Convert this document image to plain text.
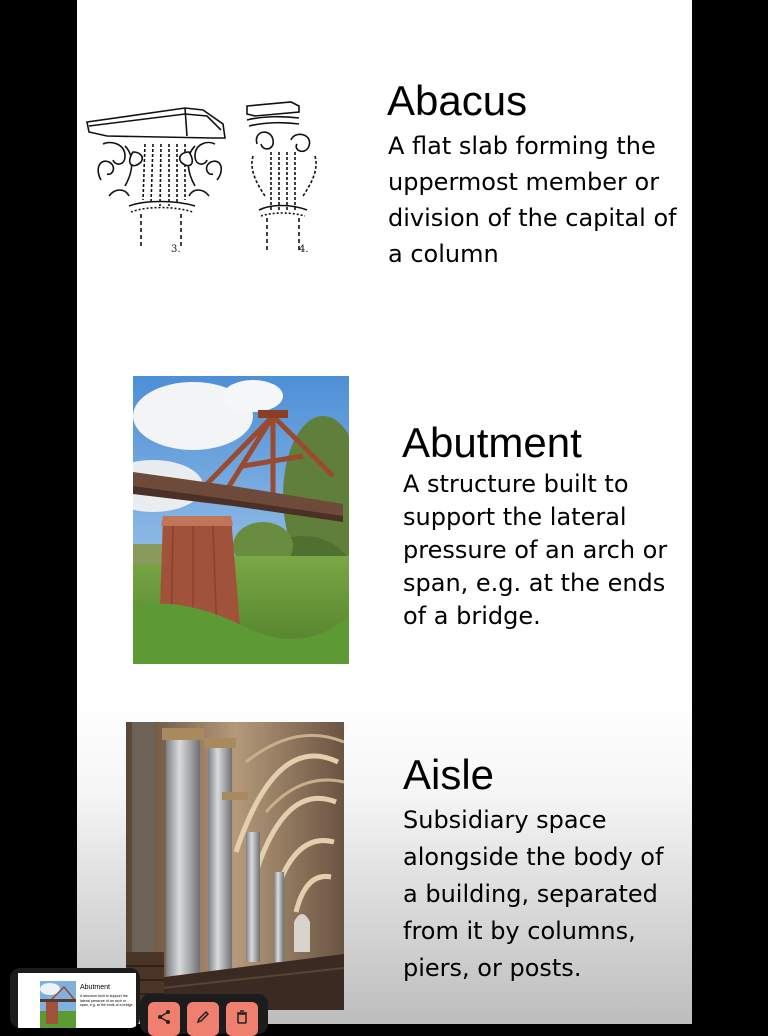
3.	4.
Abacus

A flat slab forming the uppermost member or division of the capital of a column

Abutment

A structure built to support the lateral pressure of an arch or span, e.g. at the ends of a bridge.

Aisle

Subsidiary space alongside the body of a building, separated from it by columns, piers, or posts.

Abutment
A structure built to support the lateral pressure of an arch or span, e.g. at the ends of a bridge.
